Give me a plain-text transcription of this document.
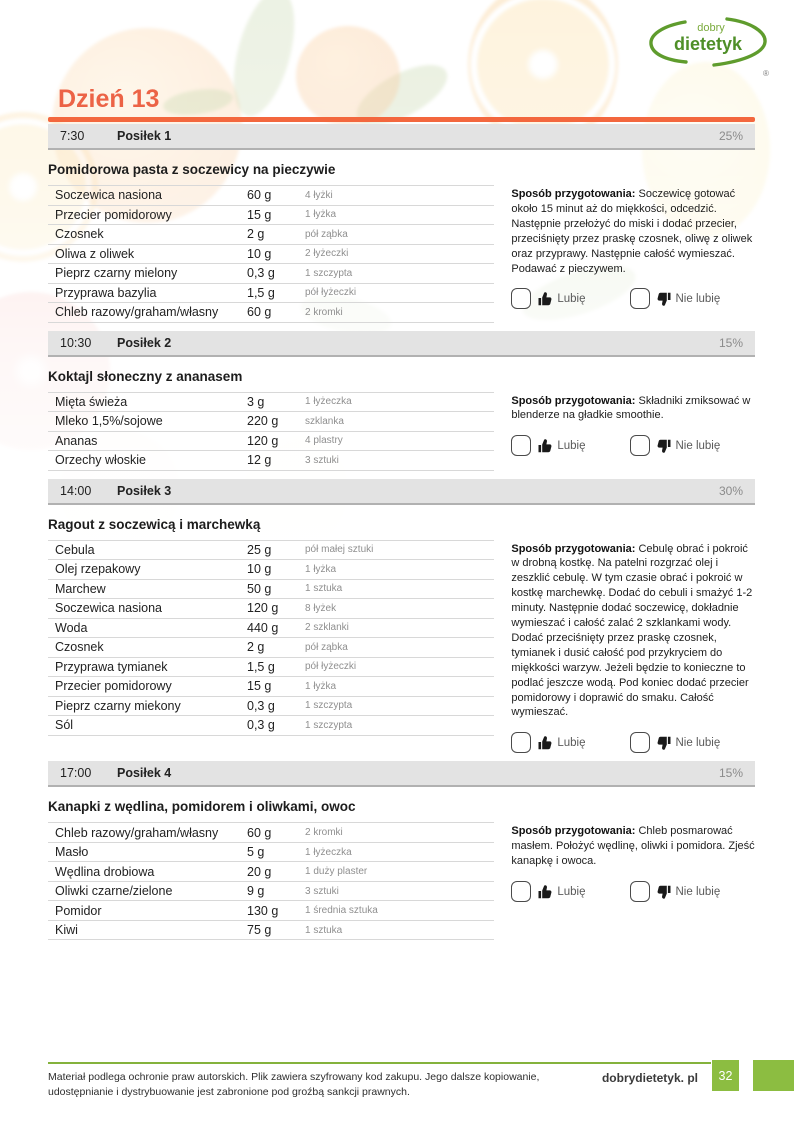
dobry
dietetyk
®
Dzień 13
7:30	Posiłek 1	25%
Pomidorowa pasta z soczewicy na pieczywie
Soczewica nasiona	60 g	4 łyżki
Przecier pomidorowy	15 g	1 łyżka
Czosnek	2 g	pół ząbka
Oliwa z oliwek	10 g	2 łyżeczki
Pieprz czarny mielony	0,3 g	1 szczypta
Przyprawa bazylia	1,5 g	pół łyżeczki
Chleb razowy/graham/własny	60 g	2 kromki

Sposób przygotowania: Soczewicę gotować około 15 minut aż do miękkości, odcedzić. Następnie przełożyć do miski i dodać przecier, przeciśnięty przez praskę czosnek, oliwę z oliwek oraz przyprawy. Następnie całość wymieszać. Podawać z pieczywem.

Lubię	Nie lubię
10:30	Posiłek 2	15%
Koktajl słoneczny z ananasem
Mięta świeża	3 g	1 łyżeczka
Mleko 1,5%/sojowe	220 g	szklanka
Ananas	120 g	4 plastry
Orzechy włoskie	12 g	3 sztuki

Sposób przygotowania: Składniki zmiksować w blenderze na gładkie smoothie.

Lubię	Nie lubię
14:00	Posiłek 3	30%
Ragout z soczewicą i marchewką
Cebula	25 g	pół małej sztuki
Olej rzepakowy	10 g	1 łyżka
Marchew	50 g	1 sztuka
Soczewica nasiona	120 g	8 łyżek
Woda	440 g	2 szklanki
Czosnek	2 g	pół ząbka
Przyprawa tymianek	1,5 g	pół łyżeczki
Przecier pomidorowy	15 g	1 łyżka
Pieprz czarny miekony	0,3 g	1 szczypta
Sól	0,3 g	1 szczypta

Sposób przygotowania: Cebulę obrać i pokroić w drobną kostkę. Na patelni rozgrzać olej i zeszklić cebulę. W tym czasie obrać i pokroić w kostkę marchewkę. Dodać do cebuli i smażyć 1-2 minuty. Następnie dodać soczewicę, dokładnie wymieszać i całość zalać 2 szklankami wody. Dodać przeciśnięty przez praskę czosnek, tymianek i dusić całość pod przykryciem do miękkości warzyw. Jeżeli będzie to konieczne to podlać jeszcze wodą. Pod koniec dodać przecier pomidorowy i doprawić do smaku. Całość wymieszać.

Lubię	Nie lubię
17:00	Posiłek 4	15%
Kanapki z wędlina, pomidorem i oliwkami, owoc
Chleb razowy/graham/własny	60 g	2 kromki
Masło	5 g	1 łyżeczka
Wędlina drobiowa	20 g	1 duży plaster
Oliwki czarne/zielone	9 g	3 sztuki
Pomidor	130 g	1 średnia sztuka
Kiwi	75 g	1 sztuka

Sposób przygotowania: Chleb posmarować masłem. Położyć wędlinę, oliwki i pomidora. Zjeść kanapkę i owoca.

Lubię	Nie lubię
Materiał podlega ochronie praw autorskich. Plik zawiera szyfrowany kod zakupu. Jego dalsze kopiowanie, udostępnianie i dystrybuowanie jest zabronione pod groźbą sankcji prawnych.
dobrydietetyk. pl	32
